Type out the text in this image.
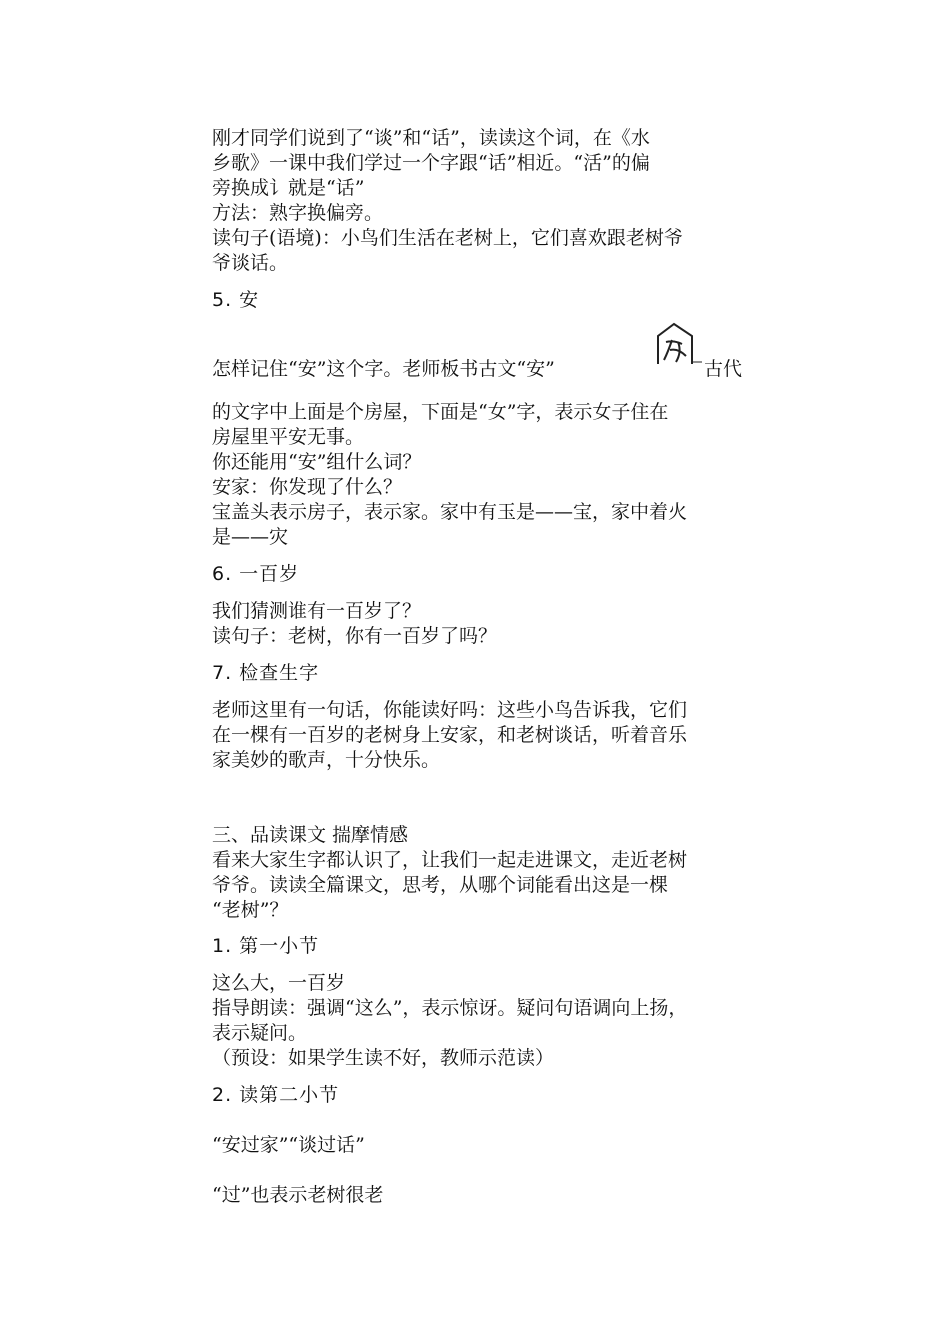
刚才同学们说到了“谈”和“话”，读读这个词，在《水
乡歌》一课中我们学过一个字跟“话”相近。“活”的偏
旁换成讠就是“话”
方法：熟字换偏旁。
读句子(语境)：小鸟们生活在老树上，它们喜欢跟老树爷
爷谈话。
5. 安
怎样记住“安”这个字。老师板书古文“安”	古代
的文字中上面是个房屋，下面是“女”字，表示女子住在
房屋里平安无事。
你还能用“安”组什么词？
安家：你发现了什么？
宝盖头表示房子，表示家。家中有玉是——宝，家中着火
是——灾
6. 一百岁
我们猜测谁有一百岁了？
读句子：老树，你有一百岁了吗？
7. 检查生字
老师这里有一句话，你能读好吗：这些小鸟告诉我，它们
在一棵有一百岁的老树身上安家，和老树谈话，听着音乐
家美妙的歌声，十分快乐。
三、品读课文 揣摩情感
看来大家生字都认识了，让我们一起走进课文，走近老树
爷爷。读读全篇课文，思考，从哪个词能看出这是一棵
“老树”？
1. 第一小节
这么大，一百岁
指导朗读：强调“这么”，表示惊讶。疑问句语调向上扬，
表示疑问。
（预设：如果学生读不好，教师示范读）
2. 读第二小节
“安过家”“谈过话”
“过”也表示老树很老
